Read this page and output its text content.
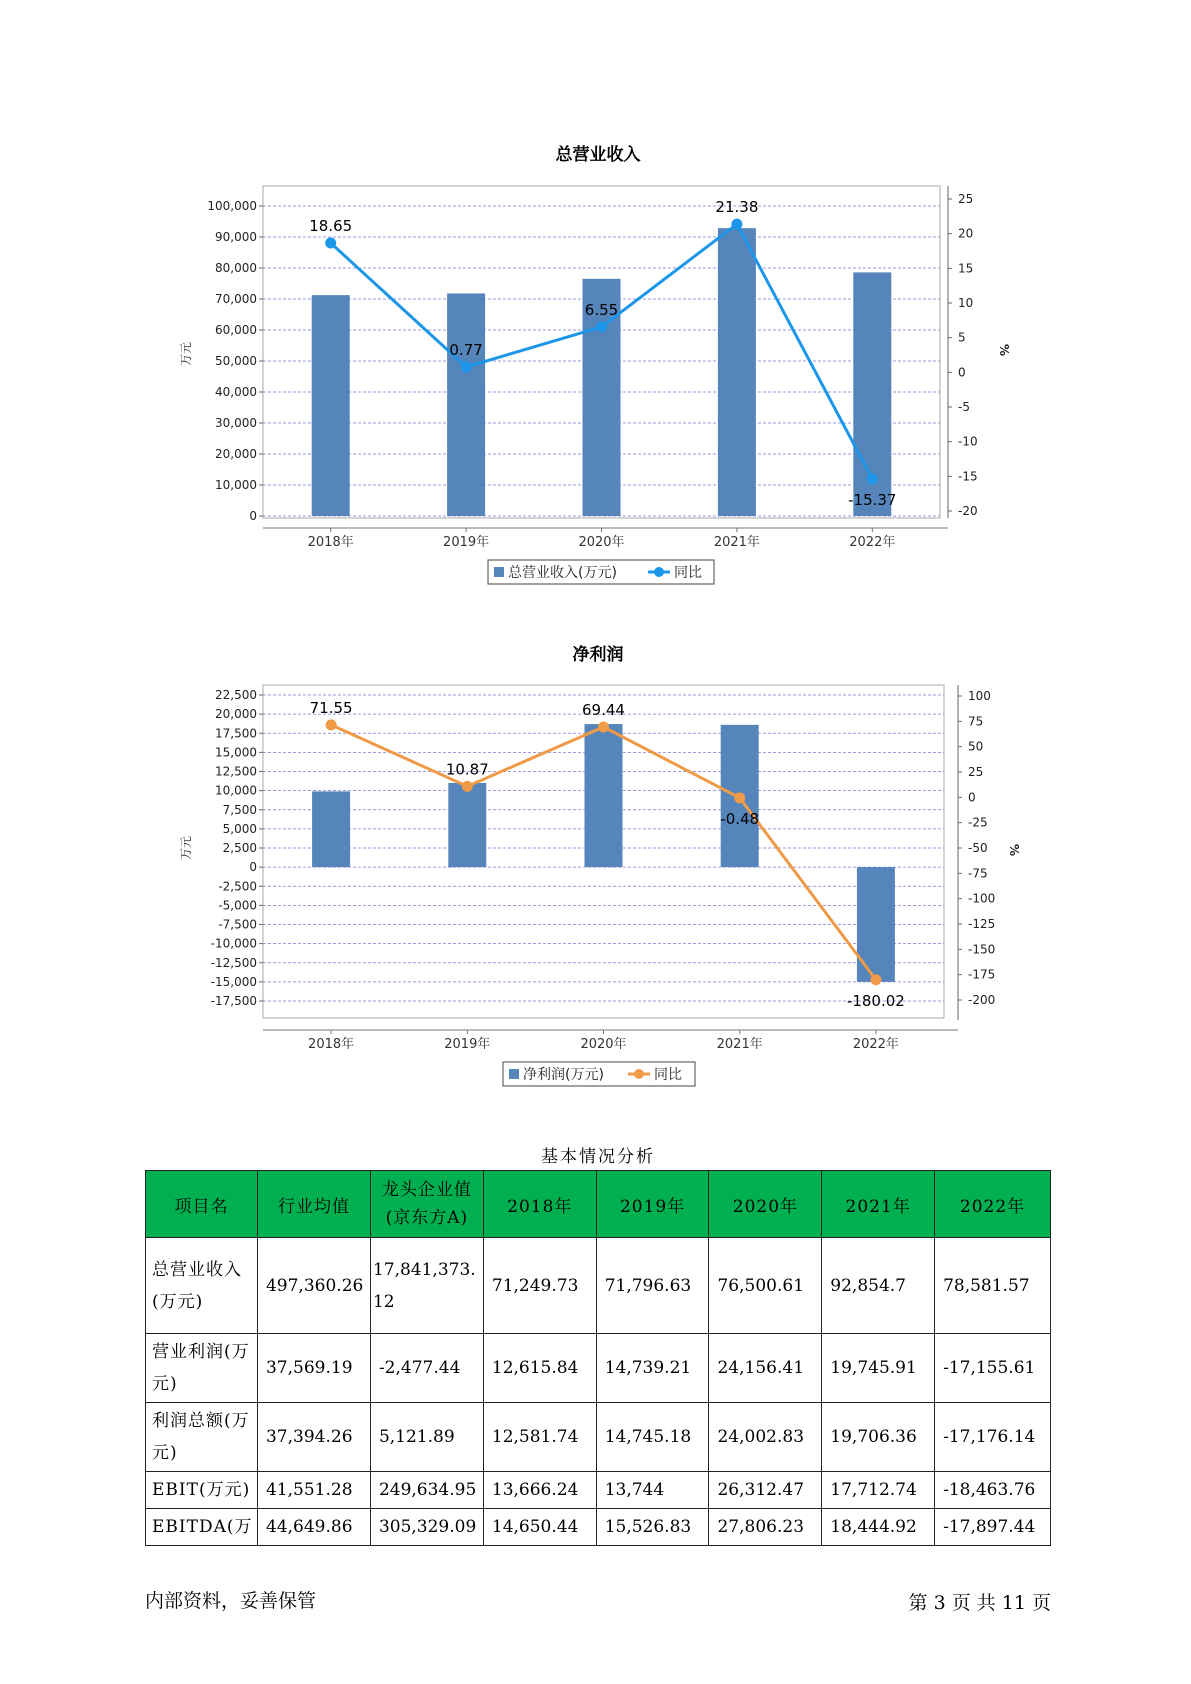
总营业收入
0
10,000
20,000
30,000
40,000
50,000
60,000
70,000
80,000
90,000
100,000
-20
-15
-10
-5
0
5
10
15
20
25
2018年	2019年	2020年	2021年	2022年
万元	%
18.65
0.77
6.55
21.38
-15.37
总营业收入(万元)	同比
净利润
-17,500
-15,000
-12,500
-10,000
-7,500
-5,000
-2,500
0
2,500
5,000
7,500
10,000
12,500
15,000
17,500
20,000
22,500
-200
-175
-150
-125
-100
-75
-50
-25
0
25
50
75
100
2018年	2019年	2020年	2021年	2022年
万元	%
71.55
10.87
69.44
-0.48
-180.02
净利润(万元)	同比
基本情况分析
项目名	行业均值	龙头企业值(京东方A)	2018年	2019年	2020年	2021年	2022年
总营业收入(万元)	497,360.26	17,841,373.12	71,249.73	71,796.63	76,500.61	92,854.7	78,581.57
营业利润(万元)	37,569.19	-2,477.44	12,615.84	14,739.21	24,156.41	19,745.91	-17,155.61
利润总额(万元)	37,394.26	5,121.89	12,581.74	14,745.18	24,002.83	19,706.36	-17,176.14
EBIT(万元)	41,551.28	249,634.95	13,666.24	13,744	26,312.47	17,712.74	-18,463.76
EBITDA(万	44,649.86	305,329.09	14,650.44	15,526.83	27,806.23	18,444.92	-17,897.44
内部资料，妥善保管	第 3 页 共 11 页
